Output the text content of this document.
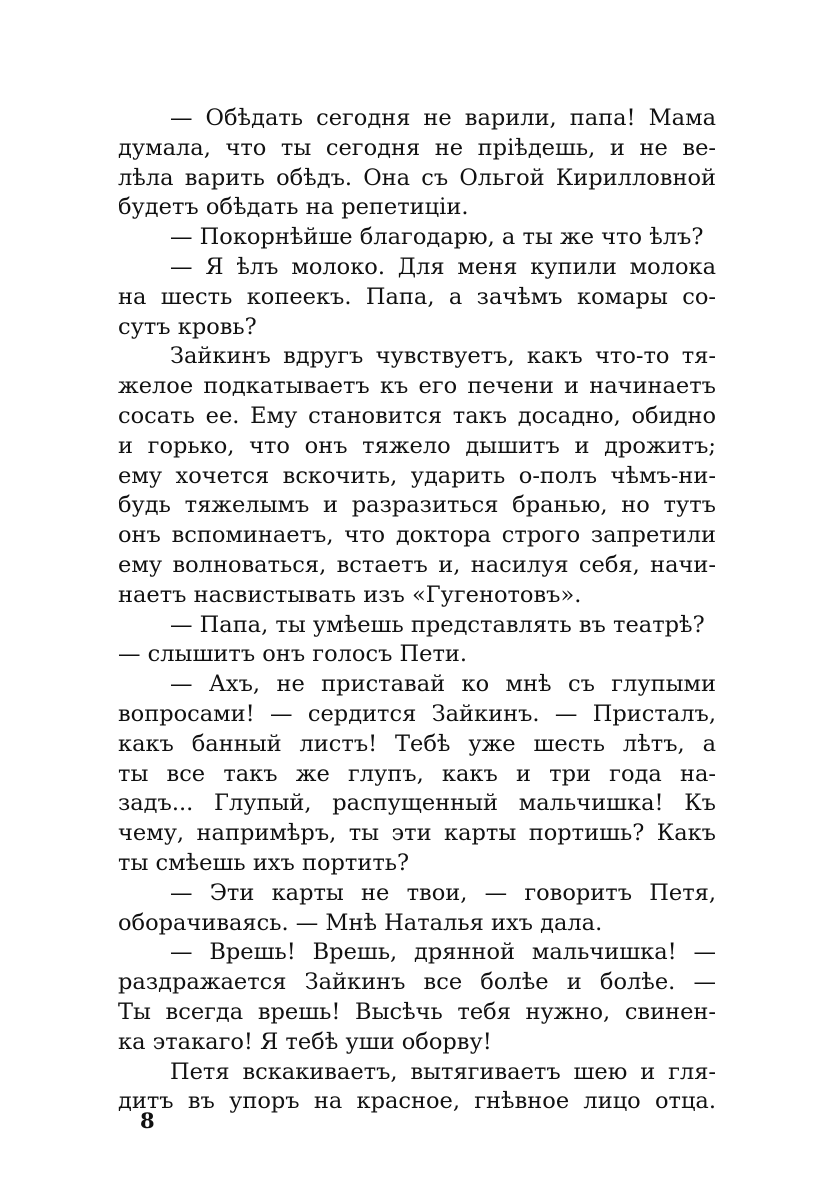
— Обѣдать сегодня не варили, папа! Мама
думала, что ты сегодня не пріѣдешь, и не ве-
лѣла варить обѣдъ. Она съ Ольгой Кирилловной
будетъ обѣдать на репетиціи.
— Покорнѣйше благодарю, а ты же что ѣлъ?
— Я ѣлъ молоко. Для меня купили молока
на шесть копеекъ. Папа, а зачѣмъ комары со-
сутъ кровь?
Зайкинъ вдругъ чувствуетъ, какъ что-то тя-
желое подкатываетъ къ его печени и начинаетъ
сосать ее. Ему становится такъ досадно, обидно
и горько, что онъ тяжело дышитъ и дрожитъ;
ему хочется вскочить, ударить о-полъ чѣмъ-ни-
будь тяжелымъ и разразиться бранью, но тутъ
онъ вспоминаетъ, что доктора строго запретили
ему волноваться, встаетъ и, насилуя себя, начи-
наетъ насвистывать изъ «Гугенотовъ».
— Папа, ты умѣешь представлять въ театрѣ?
— слышитъ онъ голосъ Пети.
— Ахъ, не приставай ко мнѣ съ глупыми
вопросами! — сердится Зайкинъ. — Присталъ,
какъ банный листъ! Тебѣ уже шесть лѣтъ, а
ты все такъ же глупъ, какъ и три года на-
задъ... Глупый, распущенный мальчишка! Къ
чему, напримѣръ, ты эти карты портишь? Какъ
ты смѣешь ихъ портить?
— Эти карты не твои, — говоритъ Петя,
оборачиваясь. — Мнѣ Наталья ихъ дала.
— Врешь! Врешь, дрянной мальчишка! —
раздражается Зайкинъ все болѣе и болѣе. —
Ты всегда врешь! Высѣчь тебя нужно, свинен-
ка этакаго! Я тебѣ уши оборву!
Петя вскакиваетъ, вытягиваетъ шею и гля-
дитъ въ упоръ на красное, гнѣвное лицо отца.
8
